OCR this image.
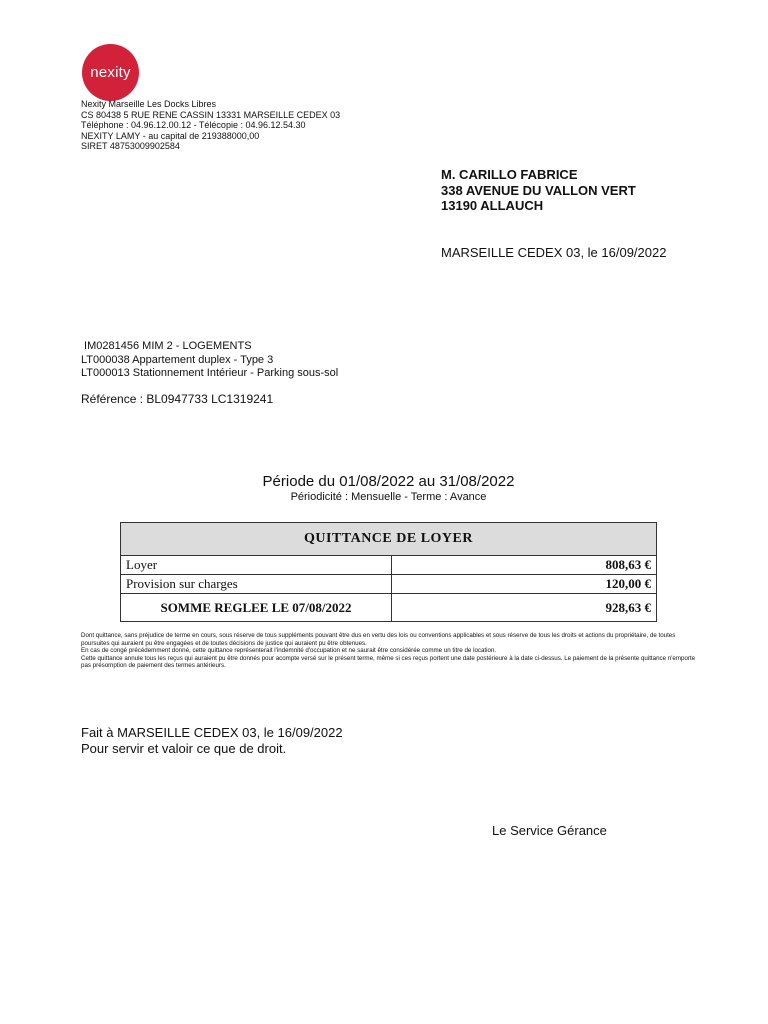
nexity
Nexity Marseille Les Docks Libres
CS 80438 5 RUE RENE CASSIN 13331 MARSEILLE CEDEX 03
Téléphone : 04.96.12.00.12 - Télécopie : 04.96.12.54.30
NEXITY LAMY - au capital de 219388000,00
SIRET 48753009902584
M. CARILLO FABRICE
338 AVENUE DU VALLON VERT
13190 ALLAUCH
MARSEILLE CEDEX 03, le 16/09/2022
IM0281456 MIM 2 - LOGEMENTS
LT000038 Appartement duplex - Type 3
LT000013 Stationnement Intérieur - Parking sous-sol
Référence : BL0947733 LC1319241
Période du 01/08/2022 au 31/08/2022
Périodicité : Mensuelle - Terme : Avance
QUITTANCE DE LOYER	
Loyer	808,63 €
Provision sur charges	120,00 €
SOMME REGLEE LE 07/08/2022	928,63 €
Dont quittance, sans préjudice de terme en cours, sous réserve de tous suppléments pouvant être dus en vertu des lois ou conventions applicables et sous réserve de tous les droits et actions du propriétaire, de toutes poursuites qui auraient pu être engagées et de toutes décisions de justice qui auraient pu être obtenues.
En cas de congé précédemment donné, cette quittance représenterait l'indemnité d'occupation et ne saurait être considérée comme un titre de location.
Cette quittance annule tous les reçus qui auraient pu être donnés pour acompte versé sur le présent terme, même si ces reçus portent une date postérieure à la date ci-dessus. Le paiement de la présente quittance n'emporte pas présomption de paiement des termes antérieurs.
Fait à MARSEILLE CEDEX 03, le 16/09/2022
Pour servir et valoir ce que de droit.
Le Service Gérance
